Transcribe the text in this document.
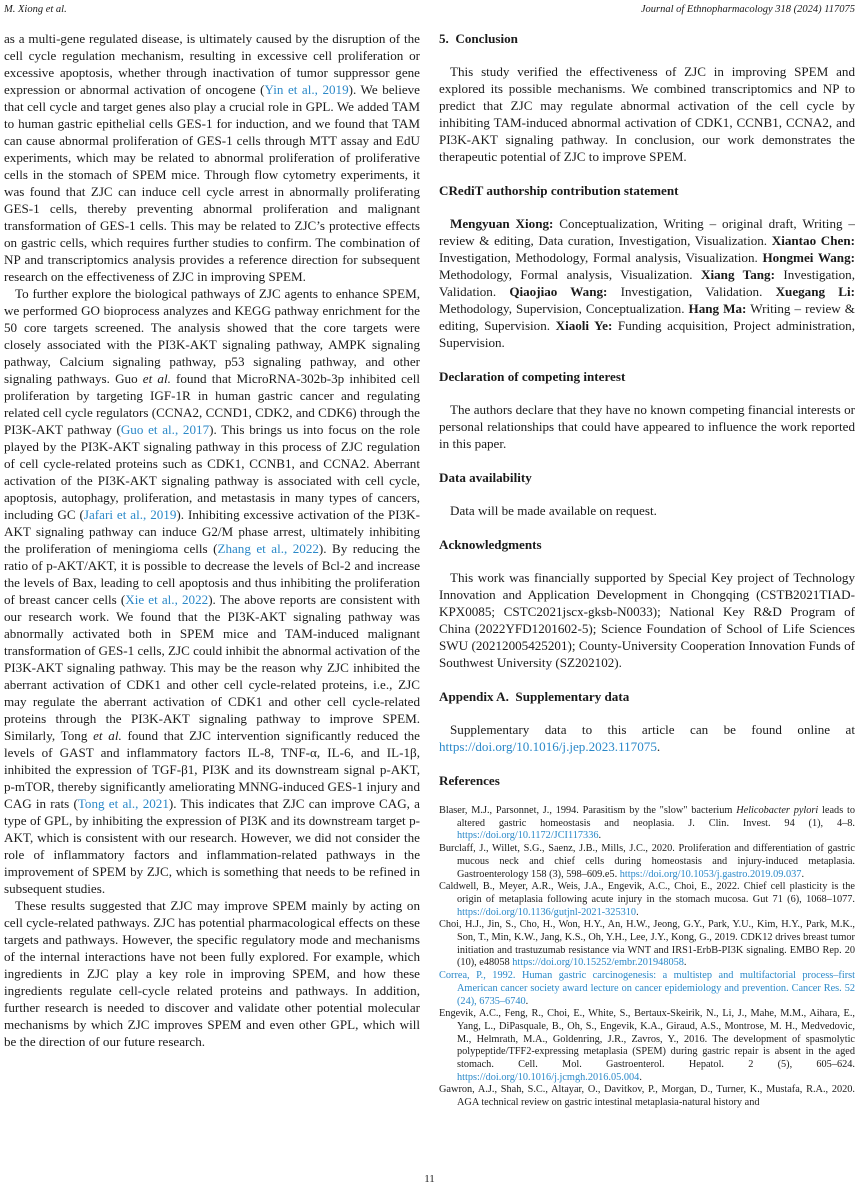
M. Xiong et al.	Journal of Ethnopharmacology 318 (2024) 117075

as a multi-gene regulated disease, is ultimately caused by the disruption of the cell cycle regulation mechanism, resulting in excessive cell proliferation or excessive apoptosis, whether through inactivation of tumor suppressor gene expression or abnormal activation of oncogene (Yin et al., 2019). We believe that cell cycle and target genes also play a crucial role in GPL. We added TAM to human gastric epithelial cells GES-1 for induction, and we found that TAM can cause abnormal proliferation of GES-1 cells through MTT assay and EdU experiments, which may be related to abnormal proliferation of proliferative cells in the stomach of SPEM mice. Through flow cytometry experiments, it was found that ZJC can induce cell cycle arrest in abnormally proliferating GES-1 cells, thereby preventing abnormal proliferation and malignant transformation of GES-1 cells. This may be related to ZJC’s protective effects on gastric cells, which requires further studies to confirm. The combination of NP and transcriptomics analysis provides a reference direction for subsequent research on the effectiveness of ZJC in improving SPEM.

To further explore the biological pathways of ZJC agents to enhance SPEM, we performed GO bioprocess analyzes and KEGG pathway enrichment for the 50 core targets screened. The analysis showed that the core targets were closely associated with the PI3K-AKT signaling pathway, AMPK signaling pathway, Calcium signaling pathway, p53 signaling pathway, and other signaling pathways. Guo et al. found that MicroRNA-302b-3p inhibited cell proliferation by targeting IGF-1R in human gastric cancer and regulating related cell cycle regulators (CCNA2, CCND1, CDK2, and CDK6) through the PI3K-AKT pathway (Guo et al., 2017). This brings us into focus on the role played by the PI3K-AKT signaling pathway in this process of ZJC regulation of cell cycle-related proteins such as CDK1, CCNB1, and CCNA2. Aberrant activation of the PI3K-AKT signaling pathway is associated with cell cycle, apoptosis, autophagy, proliferation, and metastasis in many types of cancers, including GC (Jafari et al., 2019). Inhibiting excessive activation of the PI3K-AKT signaling pathway can induce G2/M phase arrest, ultimately inhibiting the proliferation of meningioma cells (Zhang et al., 2022). By reducing the ratio of p-AKT/AKT, it is possible to decrease the levels of Bcl-2 and increase the levels of Bax, leading to cell apoptosis and thus inhibiting the proliferation of breast cancer cells (Xie et al., 2022). The above reports are consistent with our research work. We found that the PI3K-AKT signaling pathway was abnormally activated both in SPEM mice and TAM-induced malignant transformation of GES-1 cells, ZJC could inhibit the abnormal activation of the PI3K-AKT signaling pathway. This may be the reason why ZJC inhibited the aberrant activation of CDK1 and other cell cycle-related proteins, i.e., ZJC may regulate the aberrant activation of CDK1 and other cell cycle-related proteins through the PI3K-AKT signaling pathway to improve SPEM. Similarly, Tong et al. found that ZJC intervention significantly reduced the levels of GAST and inflammatory factors IL-8, TNF-α, IL-6, and IL-1β, inhibited the expression of TGF-β1, PI3K and its downstream signal p-AKT, p-mTOR, thereby significantly ameliorating MNNG-induced GES-1 injury and CAG in rats (Tong et al., 2021). This indicates that ZJC can improve CAG, a type of GPL, by inhibiting the expression of PI3K and its downstream target p-AKT, which is consistent with our research. However, we did not consider the role of inflammatory factors and inflammation-related pathways in the improvement of SPEM by ZJC, which is something that needs to be refined in subsequent studies.

These results suggested that ZJC may improve SPEM mainly by acting on cell cycle-related pathways. ZJC has potential pharmacological effects on these targets and pathways. However, the specific regulatory mode and mechanisms of the internal interactions have not been fully explored. For example, which ingredients in ZJC play a key role in improving SPEM, and how these ingredients regulate cell-cycle related proteins and pathways. In addition, further research is needed to discover and validate other potential molecular mechanisms by which ZJC improves SPEM and even other GPL, which will be the direction of our future research.

5.  Conclusion

This study verified the effectiveness of ZJC in improving SPEM and explored its possible mechanisms. We combined transcriptomics and NP to predict that ZJC may regulate abnormal activation of the cell cycle by inhibiting TAM-induced abnormal activation of CDK1, CCNB1, CCNA2, and PI3K-AKT signaling pathway. In conclusion, our work demonstrates the therapeutic potential of ZJC to improve SPEM.

CRediT authorship contribution statement

Mengyuan Xiong: Conceptualization, Writing – original draft, Writing – review & editing, Data curation, Investigation, Visualization. Xiantao Chen: Investigation, Methodology, Formal analysis, Visualization. Hongmei Wang: Methodology, Formal analysis, Visualization. Xiang Tang: Investigation, Validation. Qiaojiao Wang: Investigation, Validation. Xuegang Li: Methodology, Supervision, Conceptualization. Hang Ma: Writing – review & editing, Supervision. Xiaoli Ye: Funding acquisition, Project administration, Supervision.

Declaration of competing interest

The authors declare that they have no known competing financial interests or personal relationships that could have appeared to influence the work reported in this paper.

Data availability

Data will be made available on request.

Acknowledgments

This work was financially supported by Special Key project of Technology Innovation and Application Development in Chongqing (CSTB2021TIAD-KPX0085; CSTC2021jscx-gksb-N0033); National Key R&D Program of China (2022YFD1201602-5); Science Foundation of School of Life Sciences SWU (20212005425201); County-University Cooperation Innovation Funds of Southwest University (SZ202102).

Appendix A.  Supplementary data

Supplementary data to this article can be found online at https://doi.org/10.1016/j.jep.2023.117075.

References

Blaser, M.J., Parsonnet, J., 1994. Parasitism by the "slow" bacterium Helicobacter pylori leads to altered gastric homeostasis and neoplasia. J. Clin. Invest. 94 (1), 4–8. https://doi.org/10.1172/JCI117336.

Burclaff, J., Willet, S.G., Saenz, J.B., Mills, J.C., 2020. Proliferation and differentiation of gastric mucous neck and chief cells during homeostasis and injury-induced metaplasia. Gastroenterology 158 (3), 598–609.e5. https://doi.org/10.1053/j.gastro.2019.09.037.

Caldwell, B., Meyer, A.R., Weis, J.A., Engevik, A.C., Choi, E., 2022. Chief cell plasticity is the origin of metaplasia following acute injury in the stomach mucosa. Gut 71 (6), 1068–1077. https://doi.org/10.1136/gutjnl-2021-325310.

Choi, H.J., Jin, S., Cho, H., Won, H.Y., An, H.W., Jeong, G.Y., Park, Y.U., Kim, H.Y., Park, M.K., Son, T., Min, K.W., Jang, K.S., Oh, Y.H., Lee, J.Y., Kong, G., 2019. CDK12 drives breast tumor initiation and trastuzumab resistance via WNT and IRS1-ErbB-PI3K signaling. EMBO Rep. 20 (10), e48058 https://doi.org/10.15252/embr.201948058.

Correa, P., 1992. Human gastric carcinogenesis: a multistep and multifactorial process–first American cancer society award lecture on cancer epidemiology and prevention. Cancer Res. 52 (24), 6735–6740.

Engevik, A.C., Feng, R., Choi, E., White, S., Bertaux-Skeirik, N., Li, J., Mahe, M.M., Aihara, E., Yang, L., DiPasquale, B., Oh, S., Engevik, K.A., Giraud, A.S., Montrose, M. H., Medvedovic, M., Helmrath, M.A., Goldenring, J.R., Zavros, Y., 2016. The development of spasmolytic polypeptide/TFF2-expressing metaplasia (SPEM) during gastric repair is absent in the aged stomach. Cell. Mol. Gastroenterol. Hepatol. 2 (5), 605–624. https://doi.org/10.1016/j.jcmgh.2016.05.004.

Gawron, A.J., Shah, S.C., Altayar, O., Davitkov, P., Morgan, D., Turner, K., Mustafa, R.A., 2020. AGA technical review on gastric intestinal metaplasia-natural history and

11
